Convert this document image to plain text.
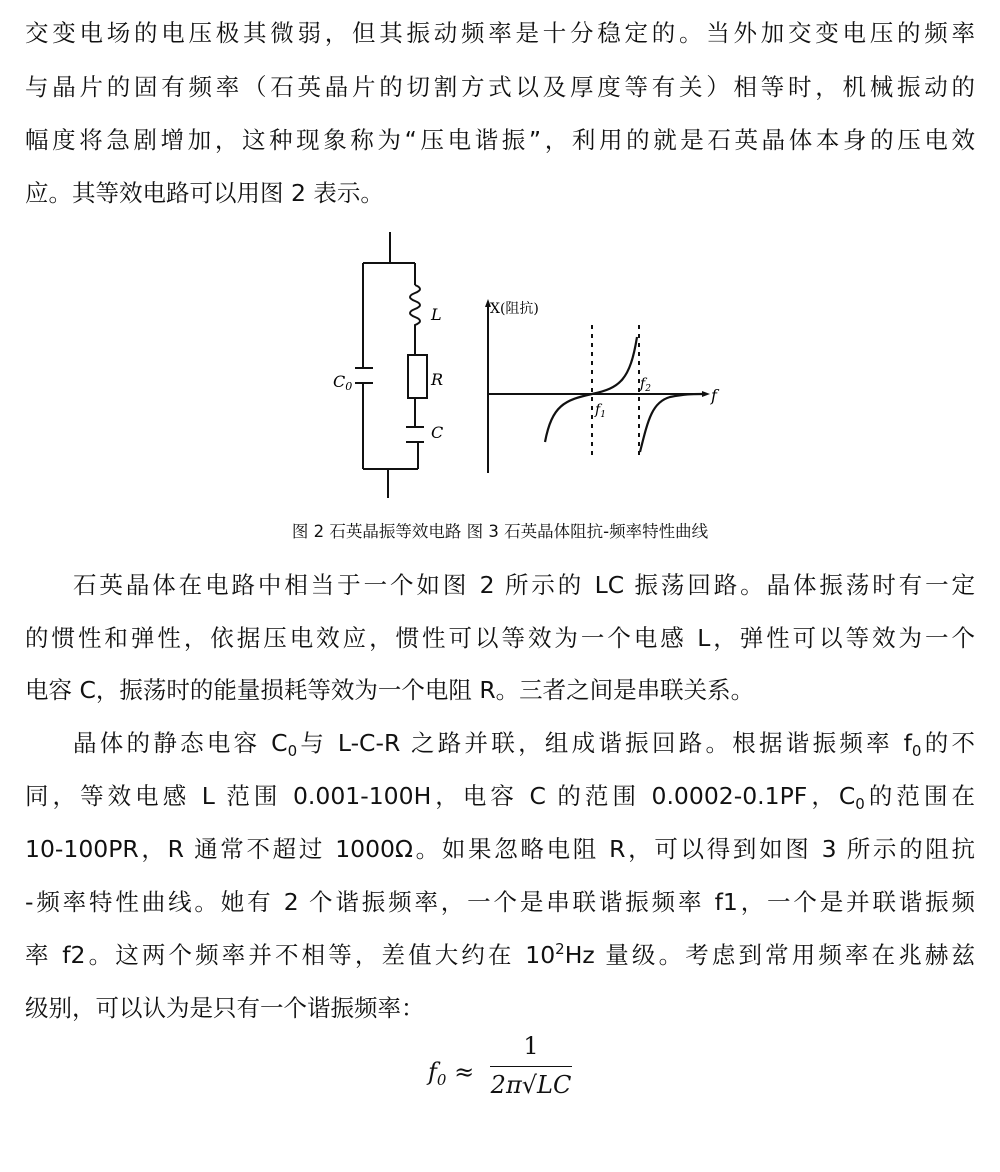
交变电场的电压极其微弱，但其振动频率是十分稳定的。当外加交变电压的频率
与晶片的固有频率（石英晶片的切割方式以及厚度等有关）相等时，机械振动的
幅度将急剧增加，这种现象称为“压电谐振”，利用的就是石英晶体本身的压电效
应。其等效电路可以用图 2 表示。
C0
L
R
C
X(阻抗)
f
$f_1$
$f_2$
图 2 石英晶振等效电路 图 3 石英晶体阻抗-频率特性曲线
石英晶体在电路中相当于一个如图 2 所示的 LC 振荡回路。晶体振荡时有一定
的惯性和弹性，依据压电效应，惯性可以等效为一个电感 L，弹性可以等效为一个
电容 C，振荡时的能量损耗等效为一个电阻 R。三者之间是串联关系。
晶体的静态电容 $C_0$与 L-C-R 之路并联，组成谐振回路。根据谐振频率 $f_0$的不
同，等效电感 L 范围 0.001-100H，电容 C 的范围 0.0002-0.1PF，$C_0$的范围在
10-100PR，R 通常不超过 1000Ω。如果忽略电阻 R，可以得到如图 3 所示的阻抗
-频率特性曲线。她有 2 个谐振频率，一个是串联谐振频率 f1，一个是并联谐振频
率 f2。这两个频率并不相等，差值大约在 $10^2Hz$ 量级。考虑到常用频率在兆赫兹
级别，可以认为是只有一个谐振频率：
$f_0$ ≈
1
2π√LC
